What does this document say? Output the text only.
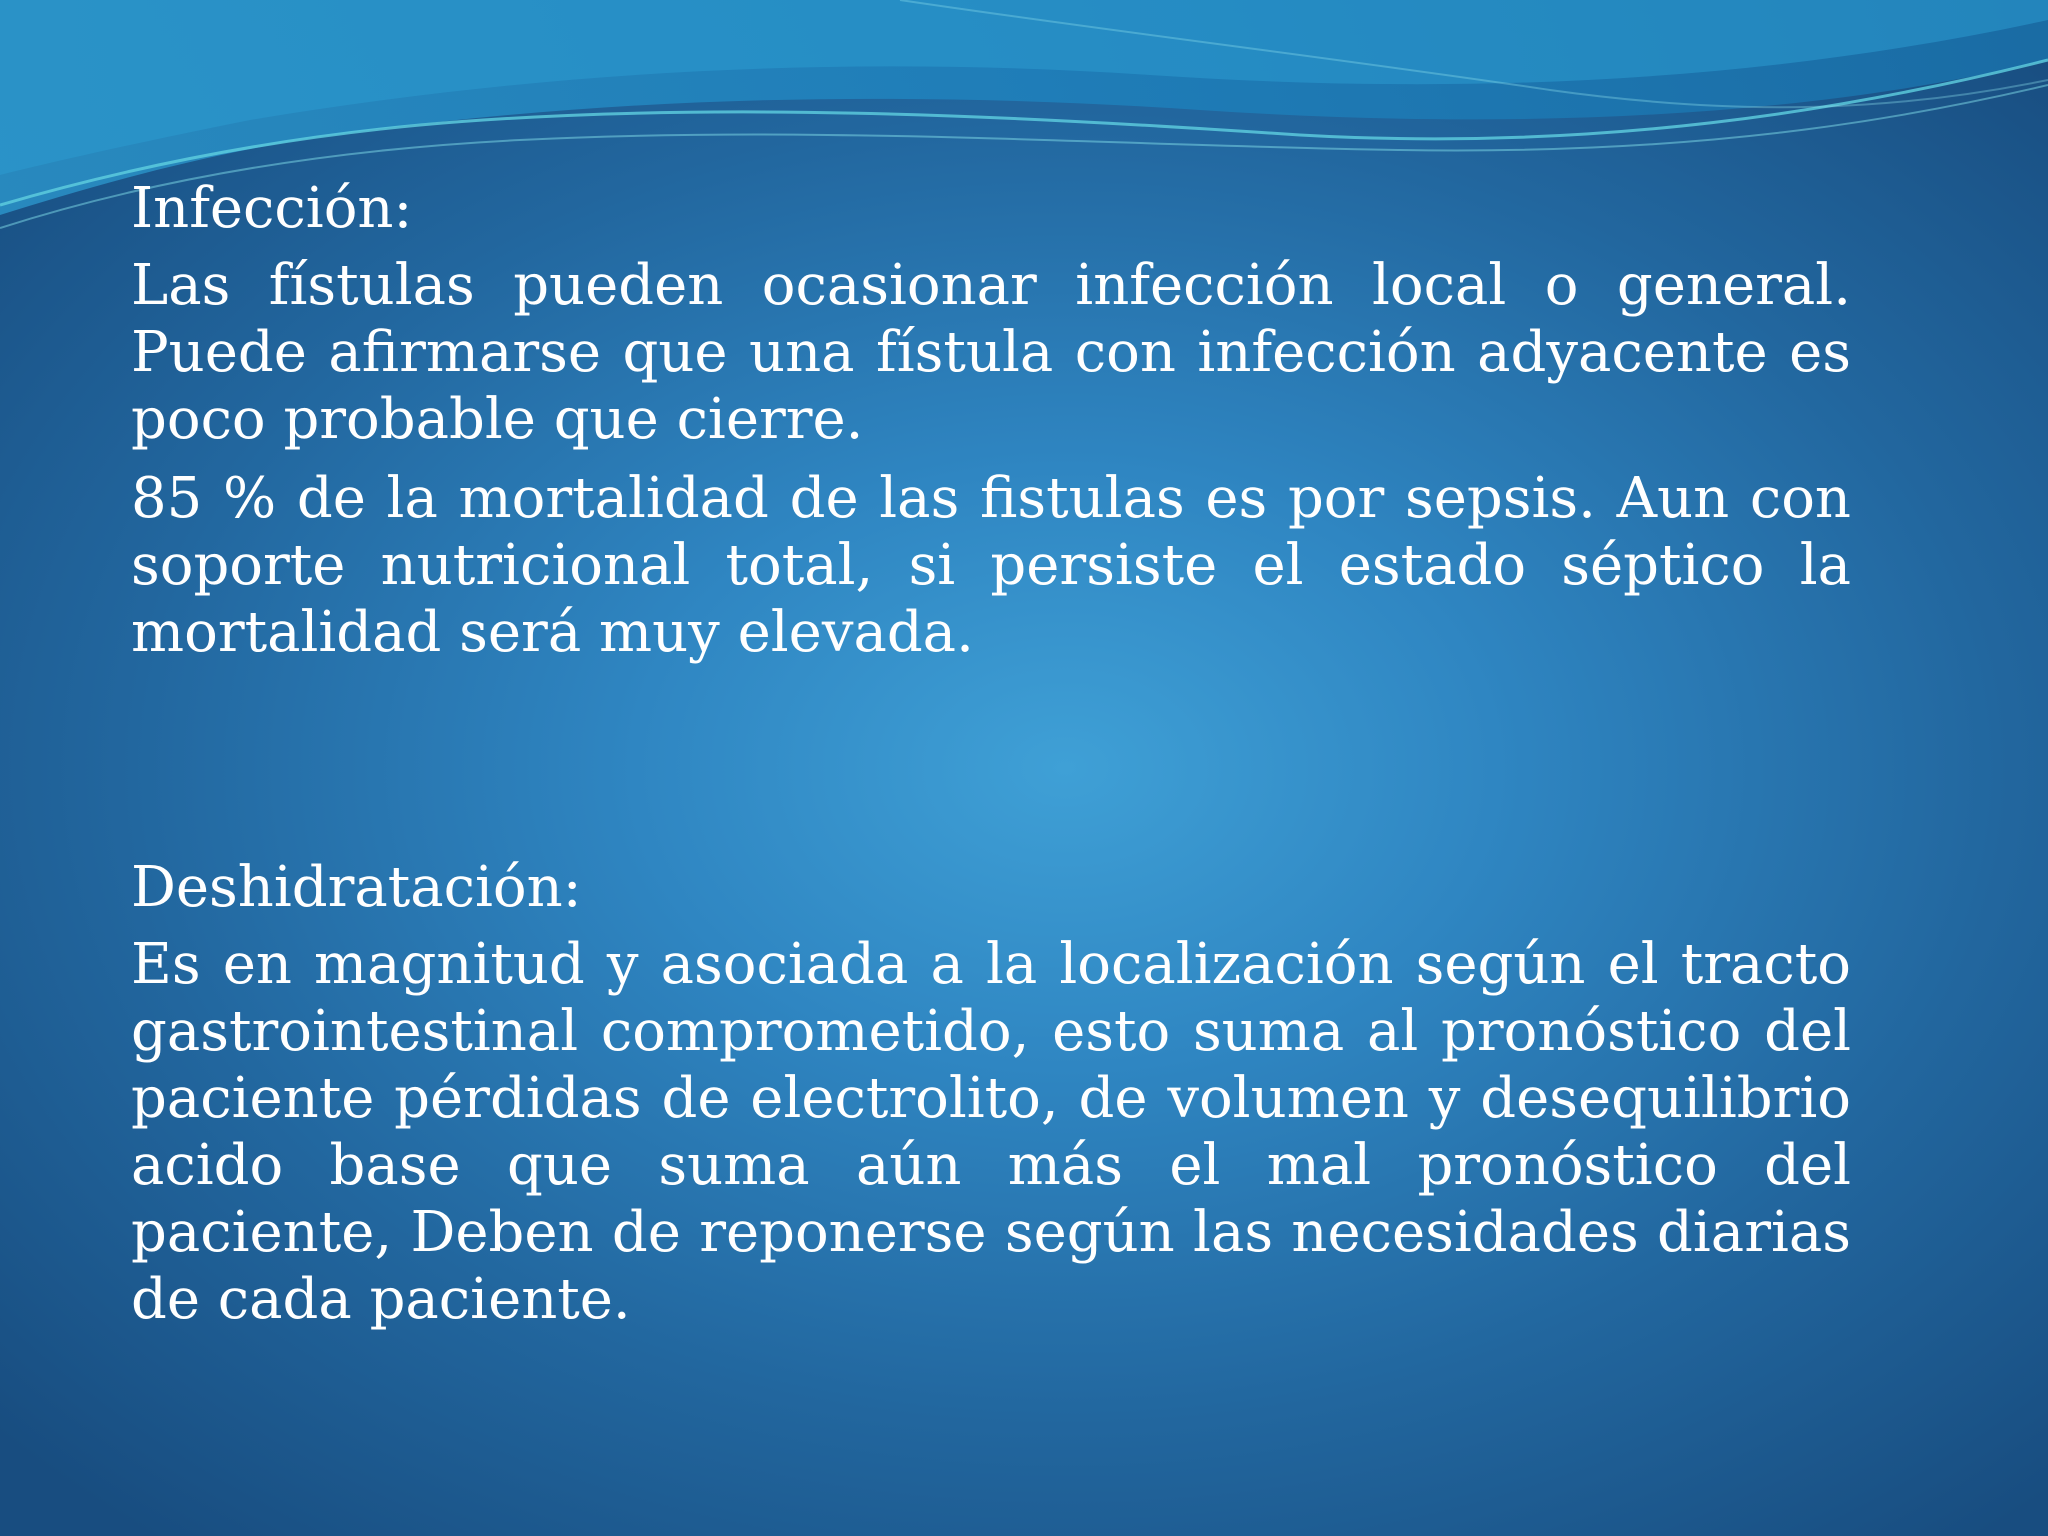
Infección:

Las fístulas pueden ocasionar infección local o general. Puede afirmarse que una fístula con infección adyacente es poco probable que cierre.

85 % de la mortalidad de las fistulas es por sepsis. Aun con soporte nutricional total, si persiste el estado séptico la mortalidad será muy elevada.

Deshidratación:

Es en magnitud y asociada a la localización según el tracto gastrointestinal comprometido, esto suma al pronóstico del paciente pérdidas de electrolito, de volumen y desequilibrio acido base que suma aún más el mal pronóstico del paciente, Deben de reponerse según las necesidades diarias de cada paciente.
